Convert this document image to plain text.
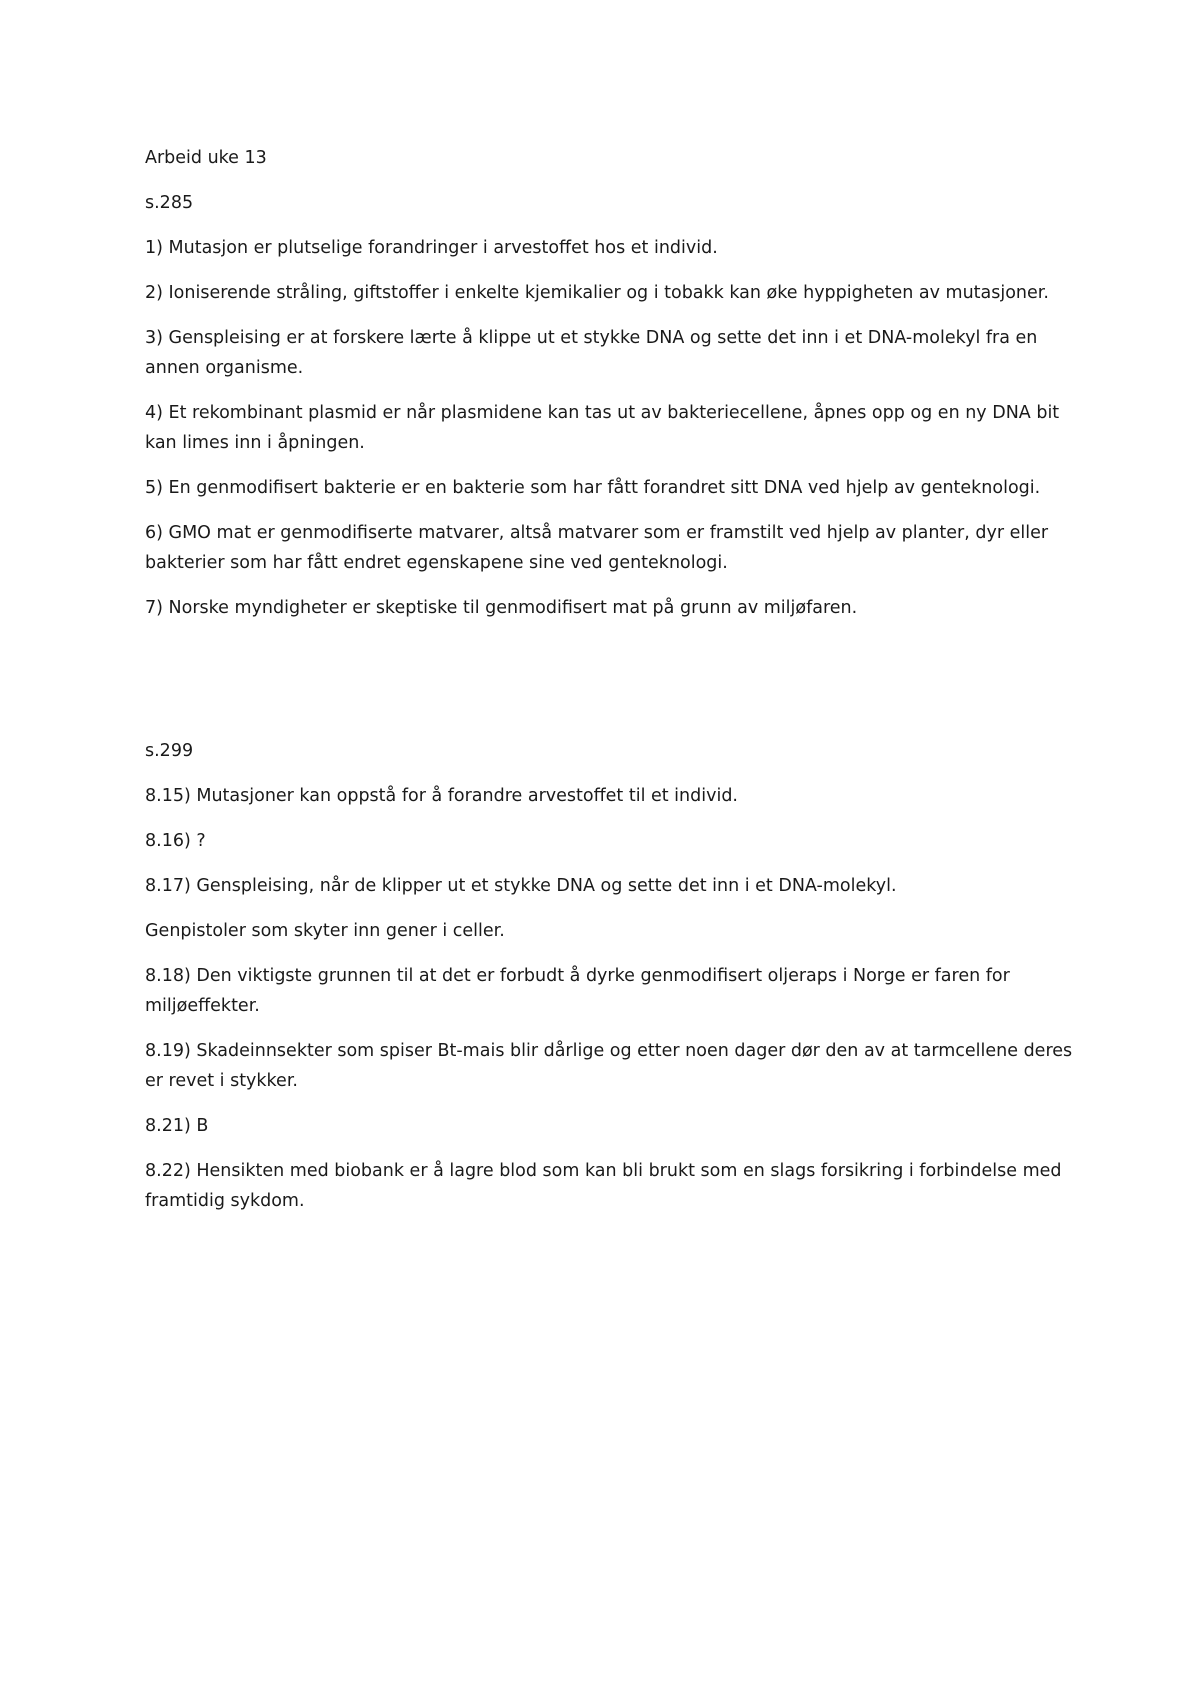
Arbeid uke 13

s.285

1) Mutasjon er plutselige forandringer i arvestoffet hos et individ.

2) Ioniserende stråling, giftstoffer i enkelte kjemikalier og i tobakk kan øke hyppigheten av mutasjoner.

3) Genspleising er at forskere lærte å klippe ut et stykke DNA og sette det inn i et DNA-molekyl fra en annen organisme.

4) Et rekombinant plasmid er når plasmidene kan tas ut av bakteriecellene, åpnes opp og en ny DNA bit kan limes inn i åpningen.

5) En genmodifisert bakterie er en bakterie som har fått forandret sitt DNA ved hjelp av genteknologi.

6) GMO mat er genmodifiserte matvarer, altså matvarer som er framstilt ved hjelp av planter, dyr eller bakterier som har fått endret egenskapene sine ved genteknologi.

7) Norske myndigheter er skeptiske til genmodifisert mat på grunn av miljøfaren.

s.299

8.15) Mutasjoner kan oppstå for å forandre arvestoffet til et individ.

8.16) ?

8.17) Genspleising, når de klipper ut et stykke DNA og sette det inn i et DNA-molekyl.

Genpistoler som skyter inn gener i celler.

8.18) Den viktigste grunnen til at det er forbudt å dyrke genmodifisert oljeraps i Norge er faren for miljøeffekter.

8.19) Skadeinnsekter som spiser Bt-mais blir dårlige og etter noen dager dør den av at tarmcellene deres er revet i stykker.

8.21) B

8.22) Hensikten med biobank er å lagre blod som kan bli brukt som en slags forsikring i forbindelse med framtidig sykdom.
